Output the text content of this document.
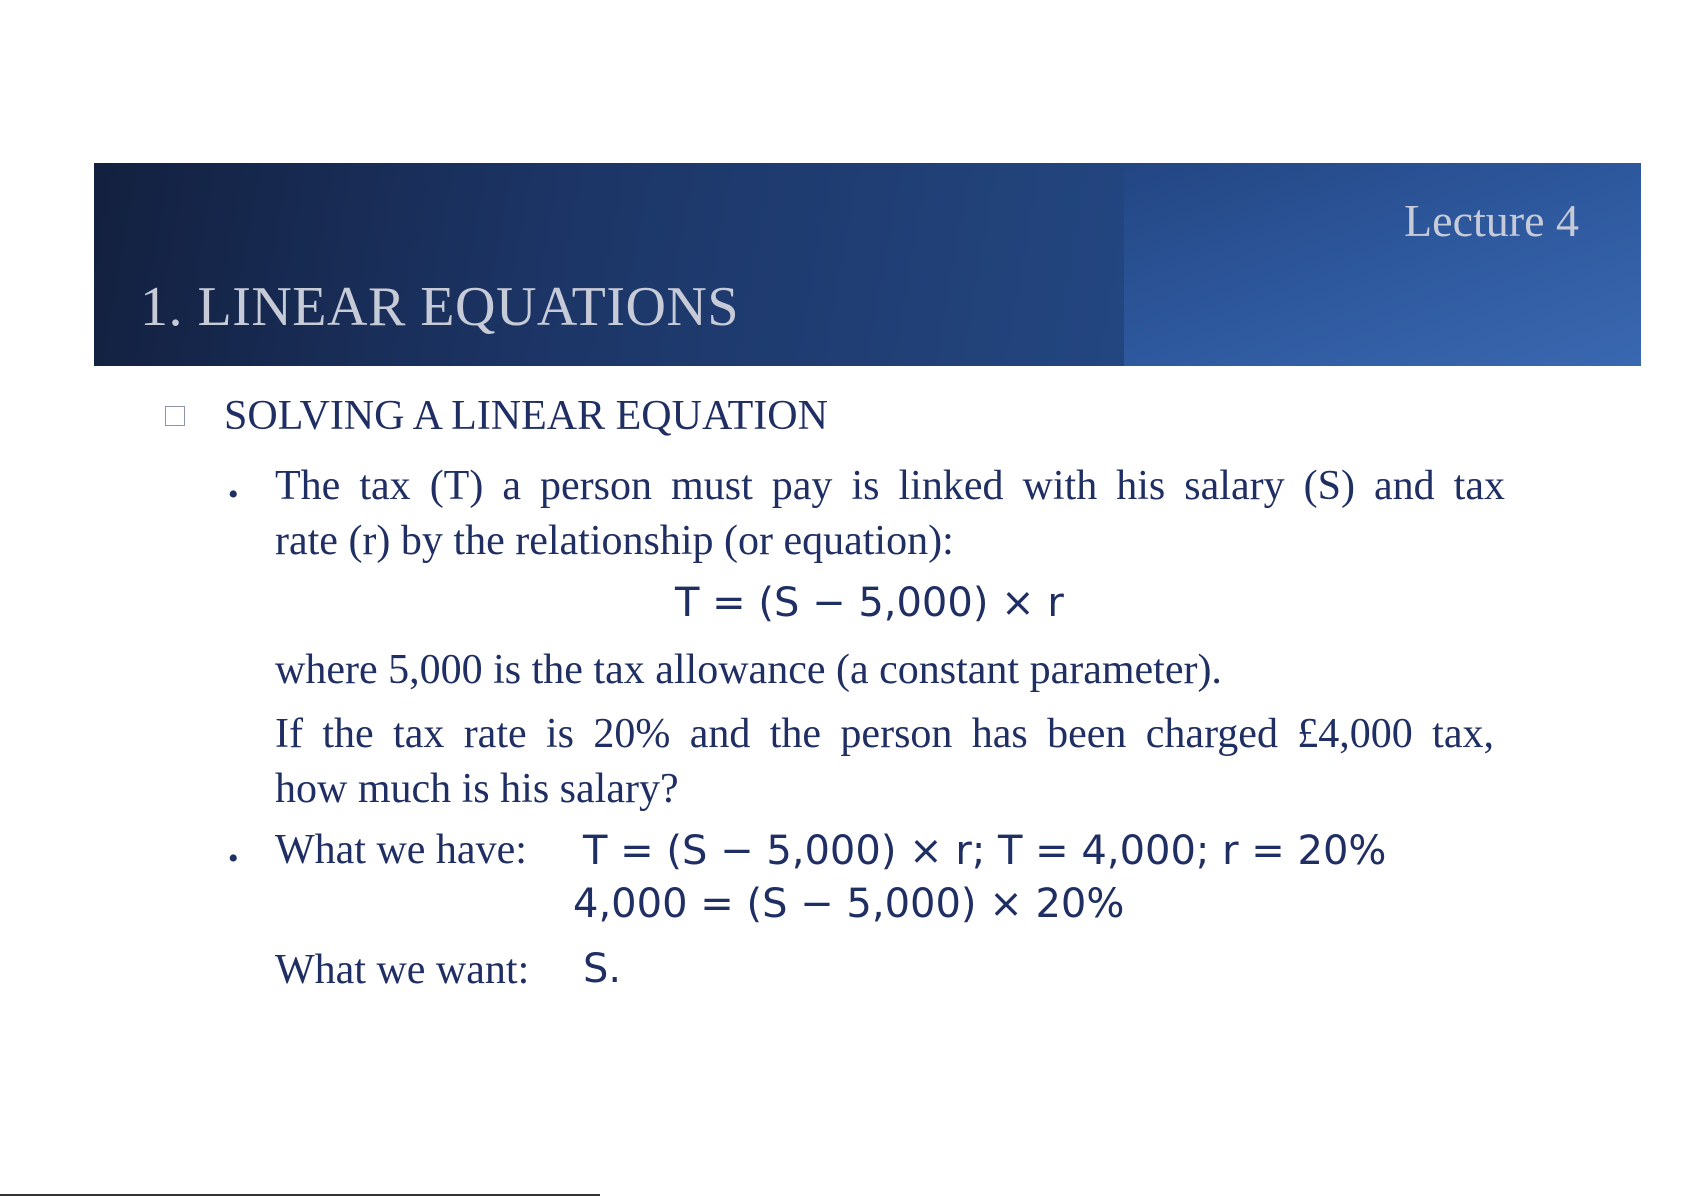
Lecture 4
1. LINEAR EQUATIONS
SOLVING A LINEAR EQUATION
• The tax (T) a person must pay is linked with his salary (S) and tax
rate (r) by the relationship (or equation):
T = (S − 5,000) × r
where 5,000 is the tax allowance (a constant parameter).
If the tax rate is 20% and the person has been charged £4,000 tax,
how much is his salary?
• What we have: T = (S − 5,000) × r; T = 4,000; r = 20%
4,000 = (S − 5,000) × 20%
What we want: S.
